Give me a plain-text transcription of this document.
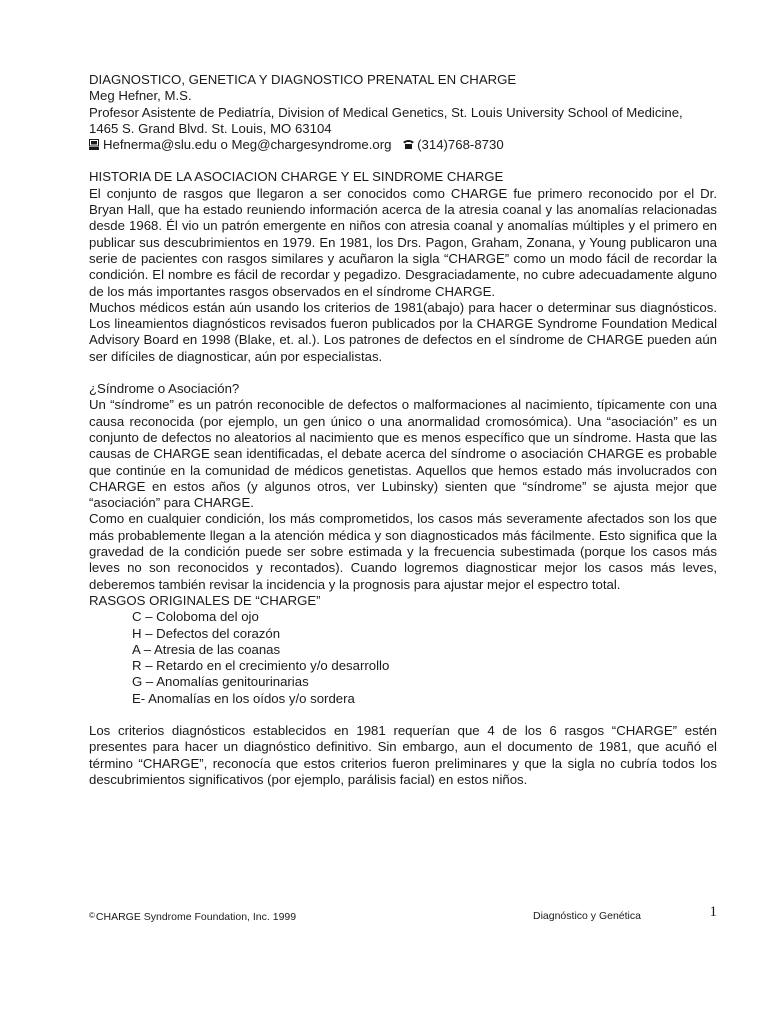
DIAGNOSTICO, GENETICA Y DIAGNOSTICO PRENATAL EN CHARGE

Meg Hefner, M.S.

Profesor Asistente de Pediatría, Division of Medical Genetics, St. Louis University School of Medicine,

1465 S. Grand Blvd. St. Louis, MO 63104

Hefnerma@slu.edu o Meg@chargesyndrome.org (314)768-8730

HISTORIA DE LA ASOCIACION CHARGE Y EL SINDROME CHARGE

El conjunto de rasgos que llegaron a ser conocidos como CHARGE fue primero reconocido por el Dr. Bryan Hall, que ha estado reuniendo información acerca de la atresia coanal y las anomalías relacionadas desde 1968. Él vio un patrón emergente en niños con atresia coanal y anomalías múltiples y el primero en publicar sus descubrimientos en 1979. En 1981, los Drs. Pagon, Graham, Zonana, y Young publicaron una serie de pacientes con rasgos similares y acuñaron la sigla “CHARGE” como un modo fácil de recordar la condición. El nombre es fácil de recordar y pegadizo. Desgraciadamente, no cubre adecuadamente alguno de los más importantes rasgos observados en el síndrome CHARGE.

Muchos médicos están aún usando los criterios de 1981(abajo) para hacer o determinar sus diagnósticos. Los lineamientos diagnósticos revisados fueron publicados por la CHARGE Syndrome Foundation Medical Advisory Board en 1998 (Blake, et. al.). Los patrones de defectos en el síndrome de CHARGE pueden aún ser difíciles de diagnosticar, aún por especialistas.

¿Síndrome o Asociación?

Un “síndrome” es un patrón reconocible de defectos o malformaciones al nacimiento, típicamente con una causa reconocida (por ejemplo, un gen único o una anormalidad cromosómica). Una “asociación” es un conjunto de defectos no aleatorios al nacimiento que es menos específico que un síndrome. Hasta que las causas de CHARGE sean identificadas, el debate acerca del síndrome o asociación CHARGE es probable que continúe en la comunidad de médicos genetistas. Aquellos que hemos estado más involucrados con CHARGE en estos años (y algunos otros, ver Lubinsky) sienten que “síndrome” se ajusta mejor que “asociación” para CHARGE.

Como en cualquier condición, los más comprometidos, los casos más severamente afectados son los que más probablemente llegan a la atención médica y son diagnosticados más fácilmente. Esto significa que la gravedad de la condición puede ser sobre estimada y la frecuencia subestimada (porque los casos más leves no son reconocidos y recontados). Cuando logremos diagnosticar mejor los casos más leves, deberemos también revisar la incidencia y la prognosis para ajustar mejor el espectro total.

RASGOS ORIGINALES DE “CHARGE”

C – Coloboma del ojo
H – Defectos del corazón
A – Atresia de las coanas
R – Retardo en el crecimiento y/o desarrollo
G – Anomalías genitourinarias
E- Anomalías en los oídos y/o sordera

Los criterios diagnósticos establecidos en 1981 requerían que 4 de los 6 rasgos “CHARGE” estén presentes para hacer un diagnóstico definitivo. Sin embargo, aun el documento de 1981, que acuñó el término “CHARGE”, reconocía que estos criterios fueron preliminares y que la sigla no cubría todos los descubrimientos significativos (por ejemplo, parálisis facial) en estos niños.

©CHARGE Syndrome Foundation, Inc. 1999	Diagnóstico y Genética	1
